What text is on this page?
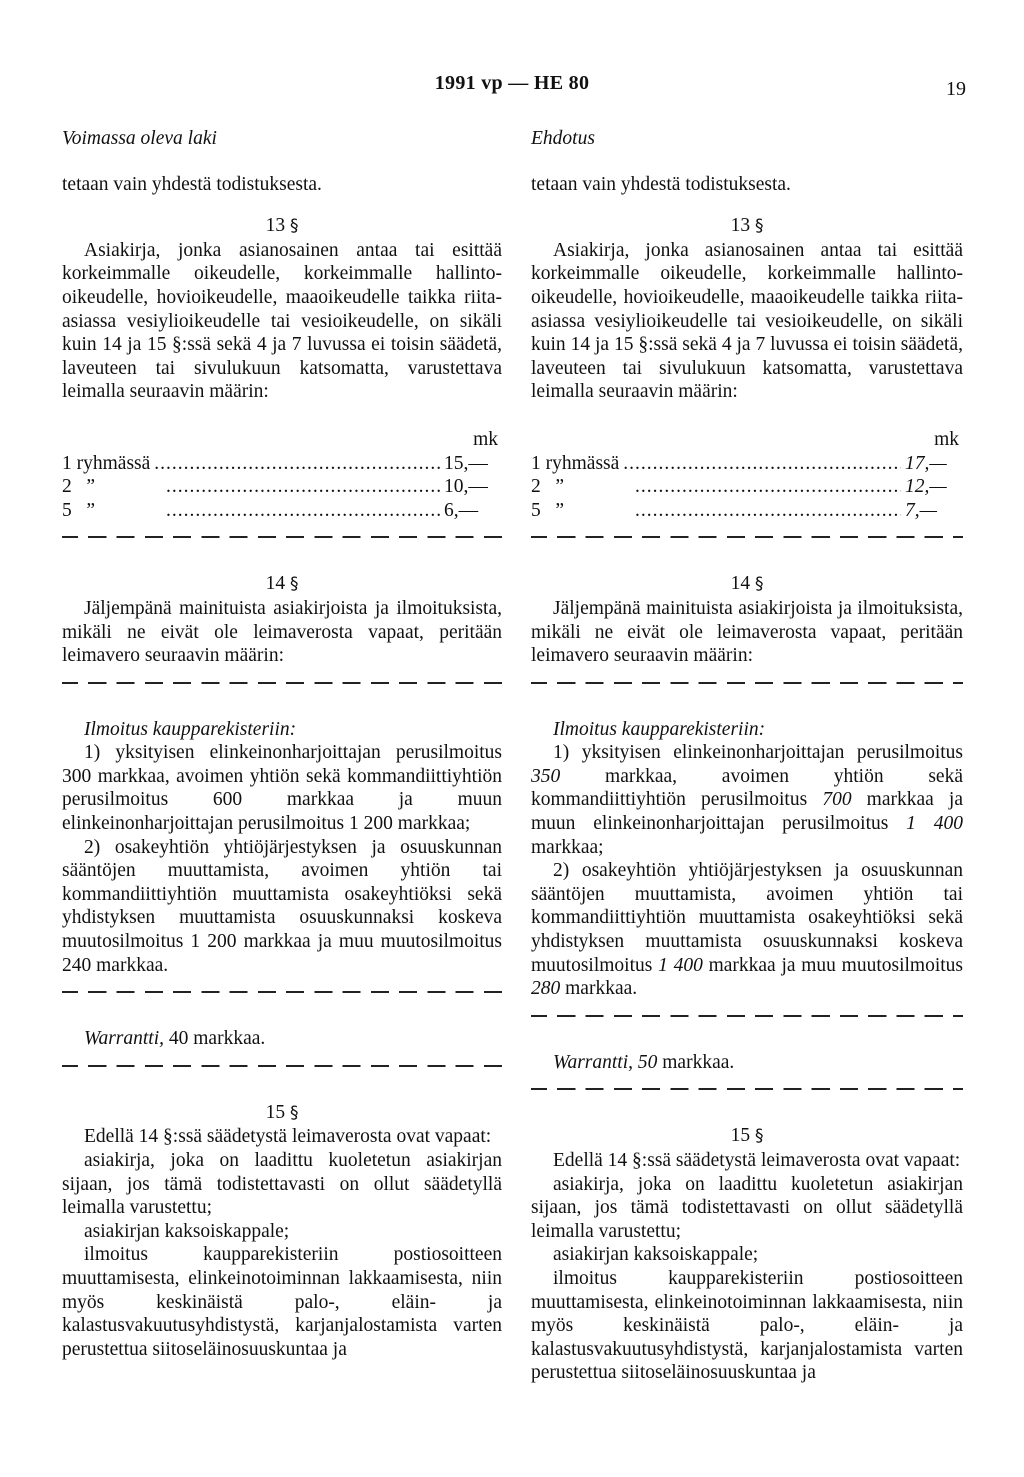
1991 vp — HE 80	19
Voimassa oleva laki
tetaan vain yhdestä todistuksesta.
13 §
Asiakirja, jonka asianosainen antaa tai esittää korkeimmalle oikeudelle, korkeimmalle hallinto-oikeudelle, hovioikeudelle, maaoikeudelle taikka riita-asiassa vesiylioikeudelle tai vesioikeudelle, on sikäli kuin 14 ja 15 §:ssä sekä 4 ja 7 luvussa ei toisin säädetä, laveuteen tai sivulukuun katsomatta, varustettava leimalla seuraavin määrin:
mk
1 ryhmässä .....	15,—
2   ” .....	10,—
5   ” .....	6,—
14 §
Jäljempänä mainituista asiakirjoista ja ilmoituksista, mikäli ne eivät ole leimaverosta vapaat, peritään leimavero seuraavin määrin:
Ilmoitus kaupparekisteriin:
1) yksityisen elinkeinonharjoittajan perusilmoitus 300 markkaa, avoimen yhtiön sekä kommandiittiyhtiön perusilmoitus 600 markkaa ja muun elinkeinonharjoittajan perusilmoitus 1 200 markkaa;
2) osakeyhtiön yhtiöjärjestyksen ja osuuskunnan sääntöjen muuttamista, avoimen yhtiön tai kommandiittiyhtiön muuttamista osakeyhtiöksi sekä yhdistyksen muuttamista osuuskunnaksi koskeva muutosilmoitus 1 200 markkaa ja muu muutosilmoitus 240 markkaa.
Warrantti, 40 markkaa.
15 §
Edellä 14 §:ssä säädetystä leimaverosta ovat vapaat:
asiakirja, joka on laadittu kuoletetun asiakirjan sijaan, jos tämä todistettavasti on ollut säädetyllä leimalla varustettu;
asiakirjan kaksoiskappale;
ilmoitus kaupparekisteriin postiosoitteen muuttamisesta, elinkeinotoiminnan lakkaamisesta, niin myös keskinäistä palo-, eläin- ja kalastusvakuutusyhdistystä, karjanjalostamista varten perustettua siitoseläinosuuskuntaa ja
Ehdotus
tetaan vain yhdestä todistuksesta.
13 §
Asiakirja, jonka asianosainen antaa tai esittää korkeimmalle oikeudelle, korkeimmalle hallinto-oikeudelle, hovioikeudelle, maaoikeudelle taikka riita-asiassa vesiylioikeudelle tai vesioikeudelle, on sikäli kuin 14 ja 15 §:ssä sekä 4 ja 7 luvussa ei toisin säädetä, laveuteen tai sivulukuun katsomatta, varustettava leimalla seuraavin määrin:
mk
1 ryhmässä .....	17,—
2   ” .....	12,—
5   ” .....	7,—
14 §
Jäljempänä mainituista asiakirjoista ja ilmoituksista, mikäli ne eivät ole leimaverosta vapaat, peritään leimavero seuraavin määrin:
Ilmoitus kaupparekisteriin:
1) yksityisen elinkeinonharjoittajan perusilmoitus 350 markkaa, avoimen yhtiön sekä kommandiittiyhtiön perusilmoitus 700 markkaa ja muun elinkeinonharjoittajan perusilmoitus 1 400 markkaa;
2) osakeyhtiön yhtiöjärjestyksen ja osuuskunnan sääntöjen muuttamista, avoimen yhtiön tai kommandiittiyhtiön muuttamista osakeyhtiöksi sekä yhdistyksen muuttamista osuuskunnaksi koskeva muutosilmoitus 1 400 markkaa ja muu muutosilmoitus 280 markkaa.
Warrantti, 50 markkaa.
15 §
Edellä 14 §:ssä säädetystä leimaverosta ovat vapaat:
asiakirja, joka on laadittu kuoletetun asiakirjan sijaan, jos tämä todistettavasti on ollut säädetyllä leimalla varustettu;
asiakirjan kaksoiskappale;
ilmoitus kaupparekisteriin postiosoitteen muuttamisesta, elinkeinotoiminnan lakkaamisesta, niin myös keskinäistä palo-, eläin- ja kalastusvakuutusyhdistystä, karjanjalostamista varten perustettua siitoseläinosuuskuntaa ja
